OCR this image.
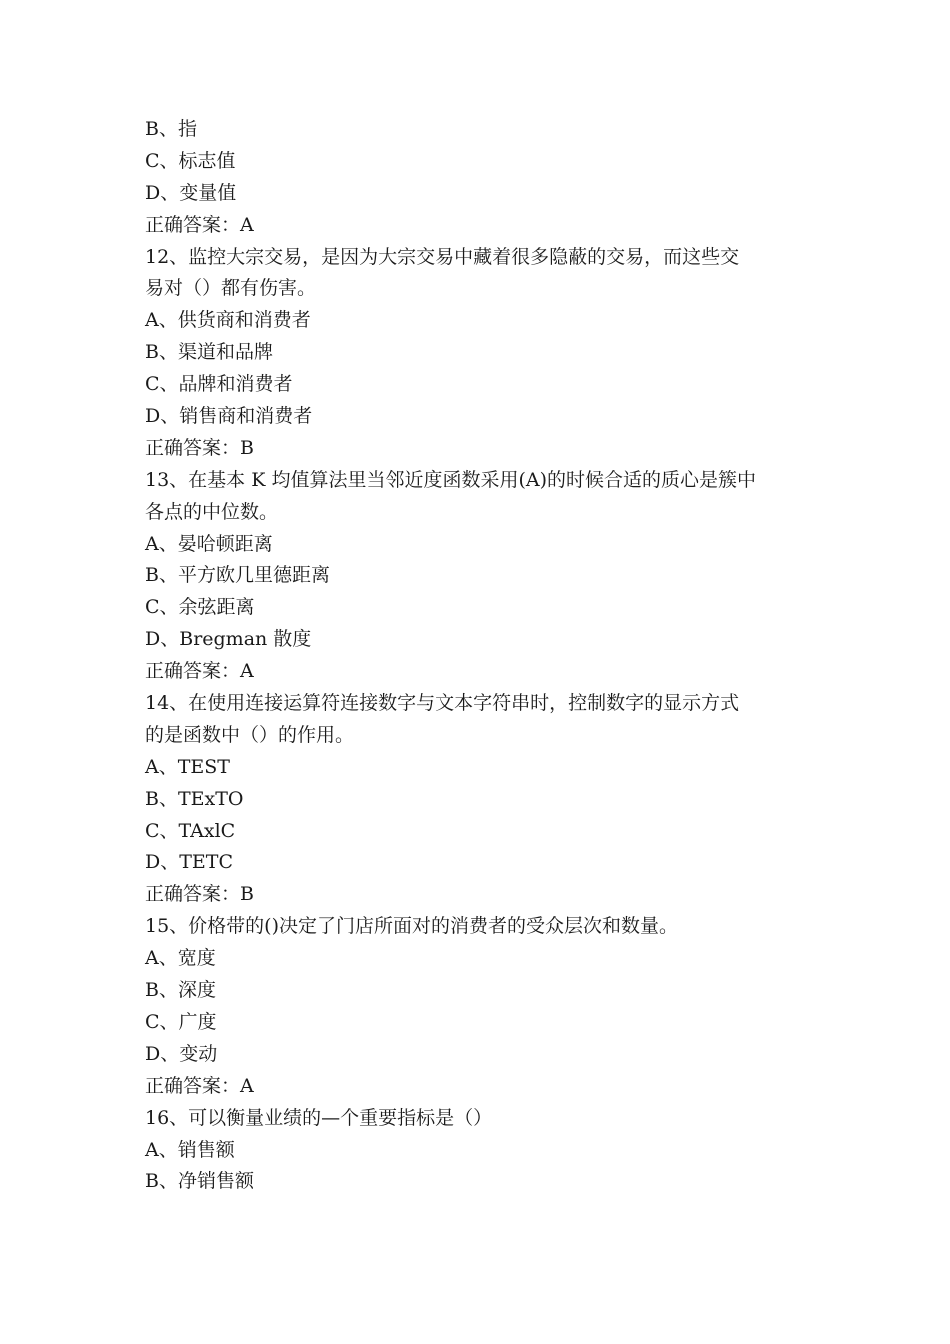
B、指
C、标志值
D、变量值
正确答案：A
12、监控大宗交易，是因为大宗交易中藏着很多隐蔽的交易，而这些交
易对（）都有伤害。
A、供货商和消费者
B、渠道和品牌
C、品牌和消费者
D、销售商和消费者
正确答案：B
13、在基本 K 均值算法里当邻近度函数采用(A)的时候合适的质心是簇中
各点的中位数。
A、晏哈顿距离
B、平方欧几里德距离
C、余弦距离
D、Bregman 散度
正确答案：A
14、在使用连接运算符连接数字与文本字符串时，控制数字的显示方式
的是函数中（）的作用。
A、TEST
B、TExTO
C、TAxlC
D、TETC
正确答案：B
15、价格带的()决定了门店所面对的消费者的受众层次和数量。
A、宽度
B、深度
C、广度
D、变动
正确答案：A
16、可以衡量业绩的—个重要指标是（）
A、销售额
B、净销售额
